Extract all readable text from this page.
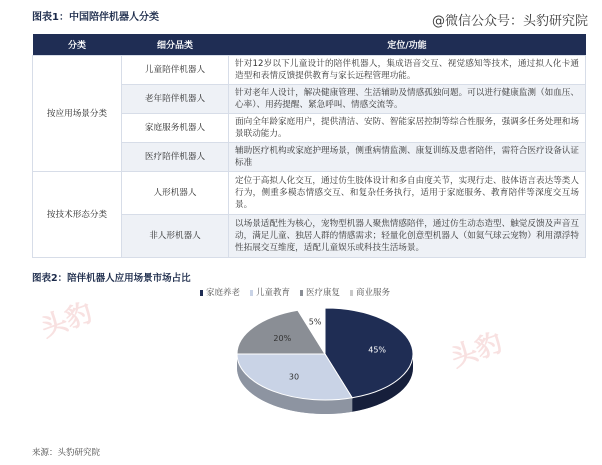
图表1：中国陪伴机器人分类	@微信公众号：头豹研究院
分类	细分品类	定位/功能
按应用场景分类	儿童陪伴机器人	针对12岁以下儿童设计的陪伴机器人，集成语音交互、视觉感知等技术，通过拟人化卡通造型和表情反馈提供教育与家长远程管理功能。
	老年陪伴机器人	针对老年人设计，解决健康管理、生活辅助及情感孤独问题。可以进行健康监测（如血压、心率）、用药提醒、紧急呼叫、情感交流等。
	家庭服务机器人	面向全年龄家庭用户，提供清洁、安防、智能家居控制等综合性服务，强调多任务处理和场景联动能力。
	医疗陪伴机器人	辅助医疗机构或家庭护理场景，侧重病情监测、康复训练及患者陪伴，需符合医疗设备认证标准
按技术形态分类	人形机器人	定位于高拟人化交互，通过仿生肢体设计和多自由度关节，实现行走、肢体语言表达等类人行为，侧重多模态情感交互、和复杂任务执行，适用于家庭服务、教育陪伴等深度交互场景。
	非人形机器人	以场景适配性为核心，宠物型机器人聚焦情感陪伴，通过仿生动态造型、触觉反馈及声音互动，满足儿童、独居人群的情感需求；轻量化创意型机器人（如氦气球云宠物）利用漂浮特性拓展交互维度，适配儿童娱乐或科技生活场景。
图表2：陪伴机器人应用场景市场占比
家庭养老	儿童教育	医疗康复	商业服务
45%
30
20%
5%
头豹
头豹
来源：头豹研究院
